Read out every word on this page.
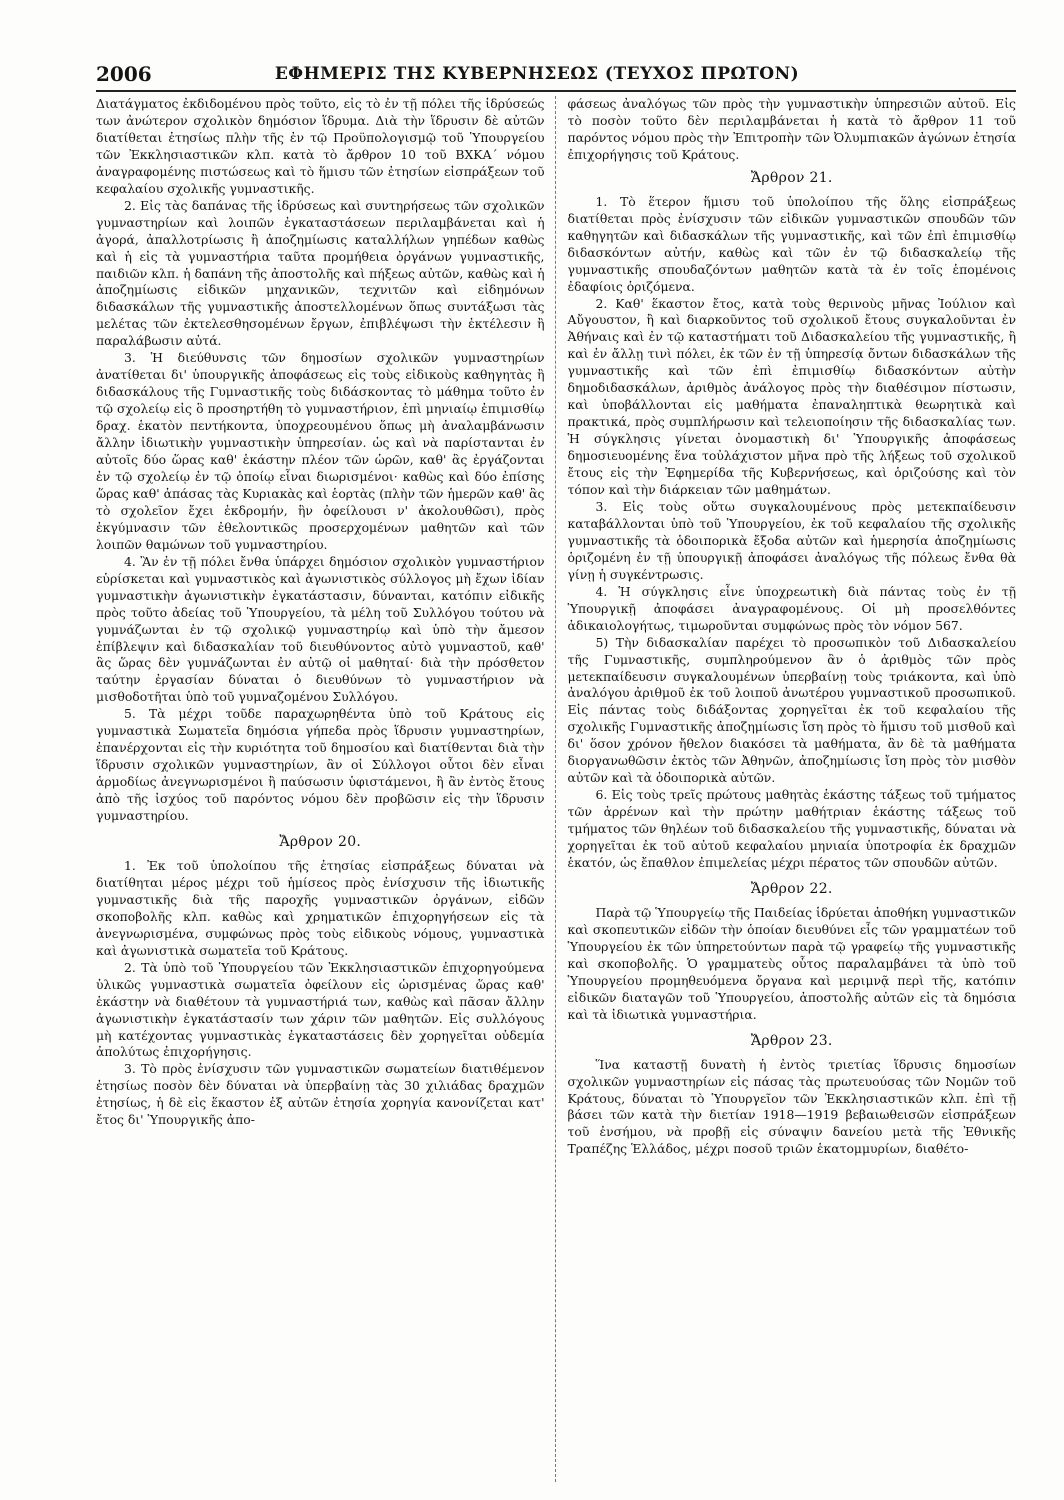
2006	ΕΦΗΜΕΡΙΣ ΤΗΣ ΚΥΒΕΡΝΗΣΕΩΣ (ΤΕΥΧΟΣ ΠΡΩΤΟΝ)

Διατάγματος ἐκδιδομένου πρὸς τοῦτο, εἰς τὸ ἐν τῇ πόλει τῆς ἱδρύσεώς των ἀνώτερον σχολικὸν δημόσιον ἵδρυμα. Διὰ τὴν ἵδρυσιν δὲ αὐτῶν διατίθεται ἐτησίως πλὴν τῆς ἐν τῷ Προϋπολογισμῷ τοῦ Ὑπουργείου τῶν Ἐκκλησιαστικῶν κλπ. κατὰ τὸ ἄρθρον 10 τοῦ ΒΧΚΑ΄ νόμου ἀναγραφομένης πιστώσεως καὶ τὸ ἥμισυ τῶν ἐτησίων εἰσπράξεων τοῦ κεφαλαίου σχολικῆς γυμναστικῆς.

2. Εἰς τὰς δαπάνας τῆς ἱδρύσεως καὶ συντηρήσεως τῶν σχολικῶν γυμναστηρίων καὶ λοιπῶν ἐγκαταστάσεων περιλαμβάνεται καὶ ἡ ἀγορά, ἀπαλλοτρίωσις ἢ ἀποζημίωσις καταλλήλων γηπέδων καθὼς καὶ ἡ εἰς τὰ γυμναστήρια ταῦτα προμήθεια ὀργάνων γυμναστικῆς, παιδιῶν κλπ. ἡ δαπάνη τῆς ἀποστολῆς καὶ πήξεως αὐτῶν, καθὼς καὶ ἡ ἀποζημίωσις εἰδικῶν μηχανικῶν, τεχνιτῶν καὶ εἰδημόνων διδασκάλων τῆς γυμναστικῆς ἀποστελλομένων ὅπως συντάξωσι τὰς μελέτας τῶν ἐκτελεσθησομένων ἔργων, ἐπιβλέψωσι τὴν ἐκτέλεσιν ἢ παραλάβωσιν αὐτά.

3. Ἡ διεύθυνσις τῶν δημοσίων σχολικῶν γυμναστηρίων ἀνατίθεται δι' ὑπουργικῆς ἀποφάσεως εἰς τοὺς εἰδικοὺς καθηγητὰς ἢ διδασκάλους τῆς Γυμναστικῆς τοὺς διδάσκοντας τὸ μάθημα τοῦτο ἐν τῷ σχολείῳ εἰς ὃ προσηρτήθη τὸ γυμναστήριον, ἐπὶ μηνιαίῳ ἐπιμισθίῳ δραχ. ἑκατὸν πεντήκοντα, ὑποχρεουμένου ὅπως μὴ ἀναλαμβάνωσιν ἄλλην ἰδιωτικὴν γυμναστικὴν ὑπηρεσίαν. ὡς καὶ νὰ παρίστανται ἐν αὐτοῖς δύο ὥρας καθ' ἑκάστην πλέον τῶν ὡρῶν, καθ' ἃς ἐργάζονται ἐν τῷ σχολείῳ ἐν τῷ ὁποίῳ εἶναι διωρισμένοι· καθὼς καὶ δύο ἐπίσης ὥρας καθ' ἁπάσας τὰς Κυριακὰς καὶ ἑορτὰς (πλὴν τῶν ἡμερῶν καθ' ἃς τὸ σχολεῖον ἔχει ἐκδρομήν, ἣν ὀφείλουσι ν' ἀκολουθῶσι), πρὸς ἐκγύμνασιν τῶν ἐθελοντικῶς προσερχομένων μαθητῶν καὶ τῶν λοιπῶν θαμώνων τοῦ γυμναστηρίου.

4. Ἂν ἐν τῇ πόλει ἔνθα ὑπάρχει δημόσιον σχολικὸν γυμναστήριον εὑρίσκεται καὶ γυμναστικὸς καὶ ἀγωνιστικὸς σύλλογος μὴ ἔχων ἰδίαν γυμναστικὴν ἀγωνιστικὴν ἐγκατάστασιν, δύνανται, κατόπιν εἰδικῆς πρὸς τοῦτο ἀδείας τοῦ Ὑπουργείου, τὰ μέλη τοῦ Συλλόγου τούτου νὰ γυμνάζωνται ἐν τῷ σχολικῷ γυμναστηρίῳ καὶ ὑπὸ τὴν ἄμεσον ἐπίβλεψιν καὶ διδασκαλίαν τοῦ διευθύνοντος αὐτὸ γυμναστοῦ, καθ' ἃς ὥρας δὲν γυμνάζωνται ἐν αὐτῷ οἱ μαθηταί· διὰ τὴν πρόσθετον ταύτην ἐργασίαν δύναται ὁ διευθύνων τὸ γυμναστήριον νὰ μισθοδοτῆται ὑπὸ τοῦ γυμναζομένου Συλλόγου.

5. Τὰ μέχρι τοῦδε παραχωρηθέντα ὑπὸ τοῦ Κράτους εἰς γυμναστικὰ Σωματεῖα δημόσια γήπεδα πρὸς ἵδρυσιν γυμναστηρίων, ἐπανέρχονται εἰς τὴν κυριότητα τοῦ δημοσίου καὶ διατίθενται διὰ τὴν ἵδρυσιν σχολικῶν γυμναστηρίων, ἂν οἱ Σύλλογοι οὗτοι δὲν εἶναι ἁρμοδίως ἀνεγνωρισμένοι ἢ παύσωσιν ὑφιστάμενοι, ἢ ἂν ἐντὸς ἔτους ἀπὸ τῆς ἰσχύος τοῦ παρόντος νόμου δὲν προβῶσιν εἰς τὴν ἵδρυσιν γυμναστηρίου.

Ἄρθρον 20.

1. Ἐκ τοῦ ὑπολοίπου τῆς ἐτησίας εἰσπράξεως δύναται νὰ διατίθηται μέρος μέχρι τοῦ ἡμίσεος πρὸς ἐνίσχυσιν τῆς ἰδιωτικῆς γυμναστικῆς διὰ τῆς παροχῆς γυμναστικῶν ὀργάνων, εἰδῶν σκοποβολῆς κλπ. καθὼς καὶ χρηματικῶν ἐπιχορηγήσεων εἰς τὰ ἀνεγνωρισμένα, συμφώνως πρὸς τοὺς εἰδικοὺς νόμους, γυμναστικὰ καὶ ἀγωνιστικὰ σωματεῖα τοῦ Κράτους.

2. Τὰ ὑπὸ τοῦ Ὑπουργείου τῶν Ἐκκλησιαστικῶν ἐπιχορηγούμενα ὑλικῶς γυμναστικὰ σωματεῖα ὀφείλουν εἰς ὡρισμένας ὥρας καθ' ἑκάστην νὰ διαθέτουν τὰ γυμναστήριά των, καθὼς καὶ πᾶσαν ἄλλην ἀγωνιστικὴν ἐγκατάστασίν των χάριν τῶν μαθητῶν. Εἰς συλλόγους μὴ κατέχοντας γυμναστικὰς ἐγκαταστάσεις δὲν χορηγεῖται οὐδεμία ἀπολύτως ἐπιχορήγησις.

3. Τὸ πρὸς ἐνίσχυσιν τῶν γυμναστικῶν σωματείων διατιθέμενον ἐτησίως ποσὸν δὲν δύναται νὰ ὑπερβαίνῃ τὰς 30 χιλιάδας δραχμῶν ἐτησίως, ἡ δὲ εἰς ἕκαστον ἐξ αὐτῶν ἐτησία χορηγία κανονίζεται κατ' ἔτος δι' Ὑπουργικῆς ἀπο-

φάσεως ἀναλόγως τῶν πρὸς τὴν γυμναστικὴν ὑπηρεσιῶν αὐτοῦ. Εἰς τὸ ποσὸν τοῦτο δὲν περιλαμβάνεται ἡ κατὰ τὸ ἄρθρον 11 τοῦ παρόντος νόμου πρὸς τὴν Ἐπιτροπὴν τῶν Ὀλυμπιακῶν ἀγώνων ἐτησία ἐπιχορήγησις τοῦ Κράτους.

Ἄρθρον 21.

1. Τὸ ἕτερον ἥμισυ τοῦ ὑπολοίπου τῆς ὅλης εἰσπράξεως διατίθεται πρὸς ἐνίσχυσιν τῶν εἰδικῶν γυμναστικῶν σπουδῶν τῶν καθηγητῶν καὶ διδασκάλων τῆς γυμναστικῆς, καὶ τῶν ἐπὶ ἐπιμισθίῳ διδασκόντων αὐτήν, καθὼς καὶ τῶν ἐν τῷ διδασκαλείῳ τῆς γυμναστικῆς σπουδαζόντων μαθητῶν κατὰ τὰ ἐν τοῖς ἑπομένοις ἐδαφίοις ὁριζόμενα.

2. Καθ' ἕκαστον ἔτος, κατὰ τοὺς θερινοὺς μῆνας Ἰούλιον καὶ Αὔγουστον, ἢ καὶ διαρκοῦντος τοῦ σχολικοῦ ἔτους συγκαλοῦνται ἐν Ἀθήναις καὶ ἐν τῷ καταστήματι τοῦ Διδασκαλείου τῆς γυμναστικῆς, ἢ καὶ ἐν ἄλλῃ τινὶ πόλει, ἐκ τῶν ἐν τῇ ὑπηρεσίᾳ ὄντων διδασκάλων τῆς γυμναστικῆς καὶ τῶν ἐπὶ ἐπιμισθίῳ διδασκόντων αὐτὴν δημοδιδασκάλων, ἀριθμὸς ἀνάλογος πρὸς τὴν διαθέσιμον πίστωσιν, καὶ ὑποβάλλονται εἰς μαθήματα ἐπαναληπτικὰ θεωρητικὰ καὶ πρακτικά, πρὸς συμπλήρωσιν καὶ τελειοποίησιν τῆς διδασκαλίας των. Ἡ σύγκλησις γίνεται ὀνομαστικὴ δι' Ὑπουργικῆς ἀποφάσεως δημοσιευομένης ἕνα τοὐλάχιστον μῆνα πρὸ τῆς λήξεως τοῦ σχολικοῦ ἔτους εἰς τὴν Ἐφημερίδα τῆς Κυβερνήσεως, καὶ ὁριζούσης καὶ τὸν τόπον καὶ τὴν διάρκειαν τῶν μαθημάτων.

3. Εἰς τοὺς οὕτω συγκαλουμένους πρὸς μετεκπαίδευσιν καταβάλλονται ὑπὸ τοῦ Ὑπουργείου, ἐκ τοῦ κεφαλαίου τῆς σχολικῆς γυμναστικῆς τὰ ὁδοιπορικὰ ἔξοδα αὐτῶν καὶ ἡμερησία ἀποζημίωσις ὁριζομένη ἐν τῇ ὑπουργικῇ ἀποφάσει ἀναλόγως τῆς πόλεως ἔνθα θὰ γίνῃ ἡ συγκέντρωσις.

4. Ἡ σύγκλησις εἶνε ὑποχρεωτικὴ διὰ πάντας τοὺς ἐν τῇ Ὑπουργικῇ ἀποφάσει ἀναγραφομένους. Οἱ μὴ προσελθόντες ἀδικαιολογήτως, τιμωροῦνται συμφώνως πρὸς τὸν νόμον 567.

5) Τὴν διδασκαλίαν παρέχει τὸ προσωπικὸν τοῦ Διδασκαλείου τῆς Γυμναστικῆς, συμπληρούμενον ἂν ὁ ἀριθμὸς τῶν πρὸς μετεκπαίδευσιν συγκαλουμένων ὑπερβαίνῃ τοὺς τριάκοντα, καὶ ὑπὸ ἀναλόγου ἀριθμοῦ ἐκ τοῦ λοιποῦ ἀνωτέρου γυμναστικοῦ προσωπικοῦ. Εἰς πάντας τοὺς διδάξοντας χορηγεῖται ἐκ τοῦ κεφαλαίου τῆς σχολικῆς Γυμναστικῆς ἀποζημίωσις ἴση πρὸς τὸ ἥμισυ τοῦ μισθοῦ καὶ δι' ὅσον χρόνον ἤθελον διακόσει τὰ μαθήματα, ἂν δὲ τὰ μαθήματα διοργανωθῶσιν ἐκτὸς τῶν Ἀθηνῶν, ἀποζημίωσις ἴση πρὸς τὸν μισθὸν αὐτῶν καὶ τὰ ὁδοιπορικὰ αὐτῶν.

6. Εἰς τοὺς τρεῖς πρώτους μαθητὰς ἑκάστης τάξεως τοῦ τμήματος τῶν ἀρρένων καὶ τὴν πρώτην μαθήτριαν ἑκάστης τάξεως τοῦ τμήματος τῶν θηλέων τοῦ διδασκαλείου τῆς γυμναστικῆς, δύναται νὰ χορηγεῖται ἐκ τοῦ αὐτοῦ κεφαλαίου μηνιαία ὑποτροφία ἐκ δραχμῶν ἑκατόν, ὡς ἔπαθλον ἐπιμελείας μέχρι πέρατος τῶν σπουδῶν αὐτῶν.

Ἄρθρον 22.

Παρὰ τῷ Ὑπουργείῳ τῆς Παιδείας ἱδρύεται ἀποθήκη γυμναστικῶν καὶ σκοπευτικῶν εἰδῶν τὴν ὁποίαν διευθύνει εἷς τῶν γραμματέων τοῦ Ὑπουργείου ἐκ τῶν ὑπηρετούντων παρὰ τῷ γραφείῳ τῆς γυμναστικῆς καὶ σκοποβολῆς. Ὁ γραμματεὺς οὗτος παραλαμβάνει τὰ ὑπὸ τοῦ Ὑπουργείου προμηθευόμενα ὄργανα καὶ μεριμνᾷ περὶ τῆς, κατόπιν εἰδικῶν διαταγῶν τοῦ Ὑπουργείου, ἀποστολῆς αὐτῶν εἰς τὰ δημόσια καὶ τὰ ἰδιωτικὰ γυμναστήρια.

Ἄρθρον 23.

Ἵνα καταστῇ δυνατὴ ἡ ἐντὸς τριετίας ἵδρυσις δημοσίων σχολικῶν γυμναστηρίων εἰς πάσας τὰς πρωτευούσας τῶν Νομῶν τοῦ Κράτους, δύναται τὸ Ὑπουργεῖον τῶν Ἐκκλησιαστικῶν κλπ. ἐπὶ τῇ βάσει τῶν κατὰ τὴν διετίαν 1918—1919 βεβαιωθεισῶν εἰσπράξεων τοῦ ἐνσήμου, νὰ προβῇ εἰς σύναψιν δανείου μετὰ τῆς Ἐθνικῆς Τραπέζης Ἑλλάδος, μέχρι ποσοῦ τριῶν ἑκατομμυρίων, διαθέτο-
